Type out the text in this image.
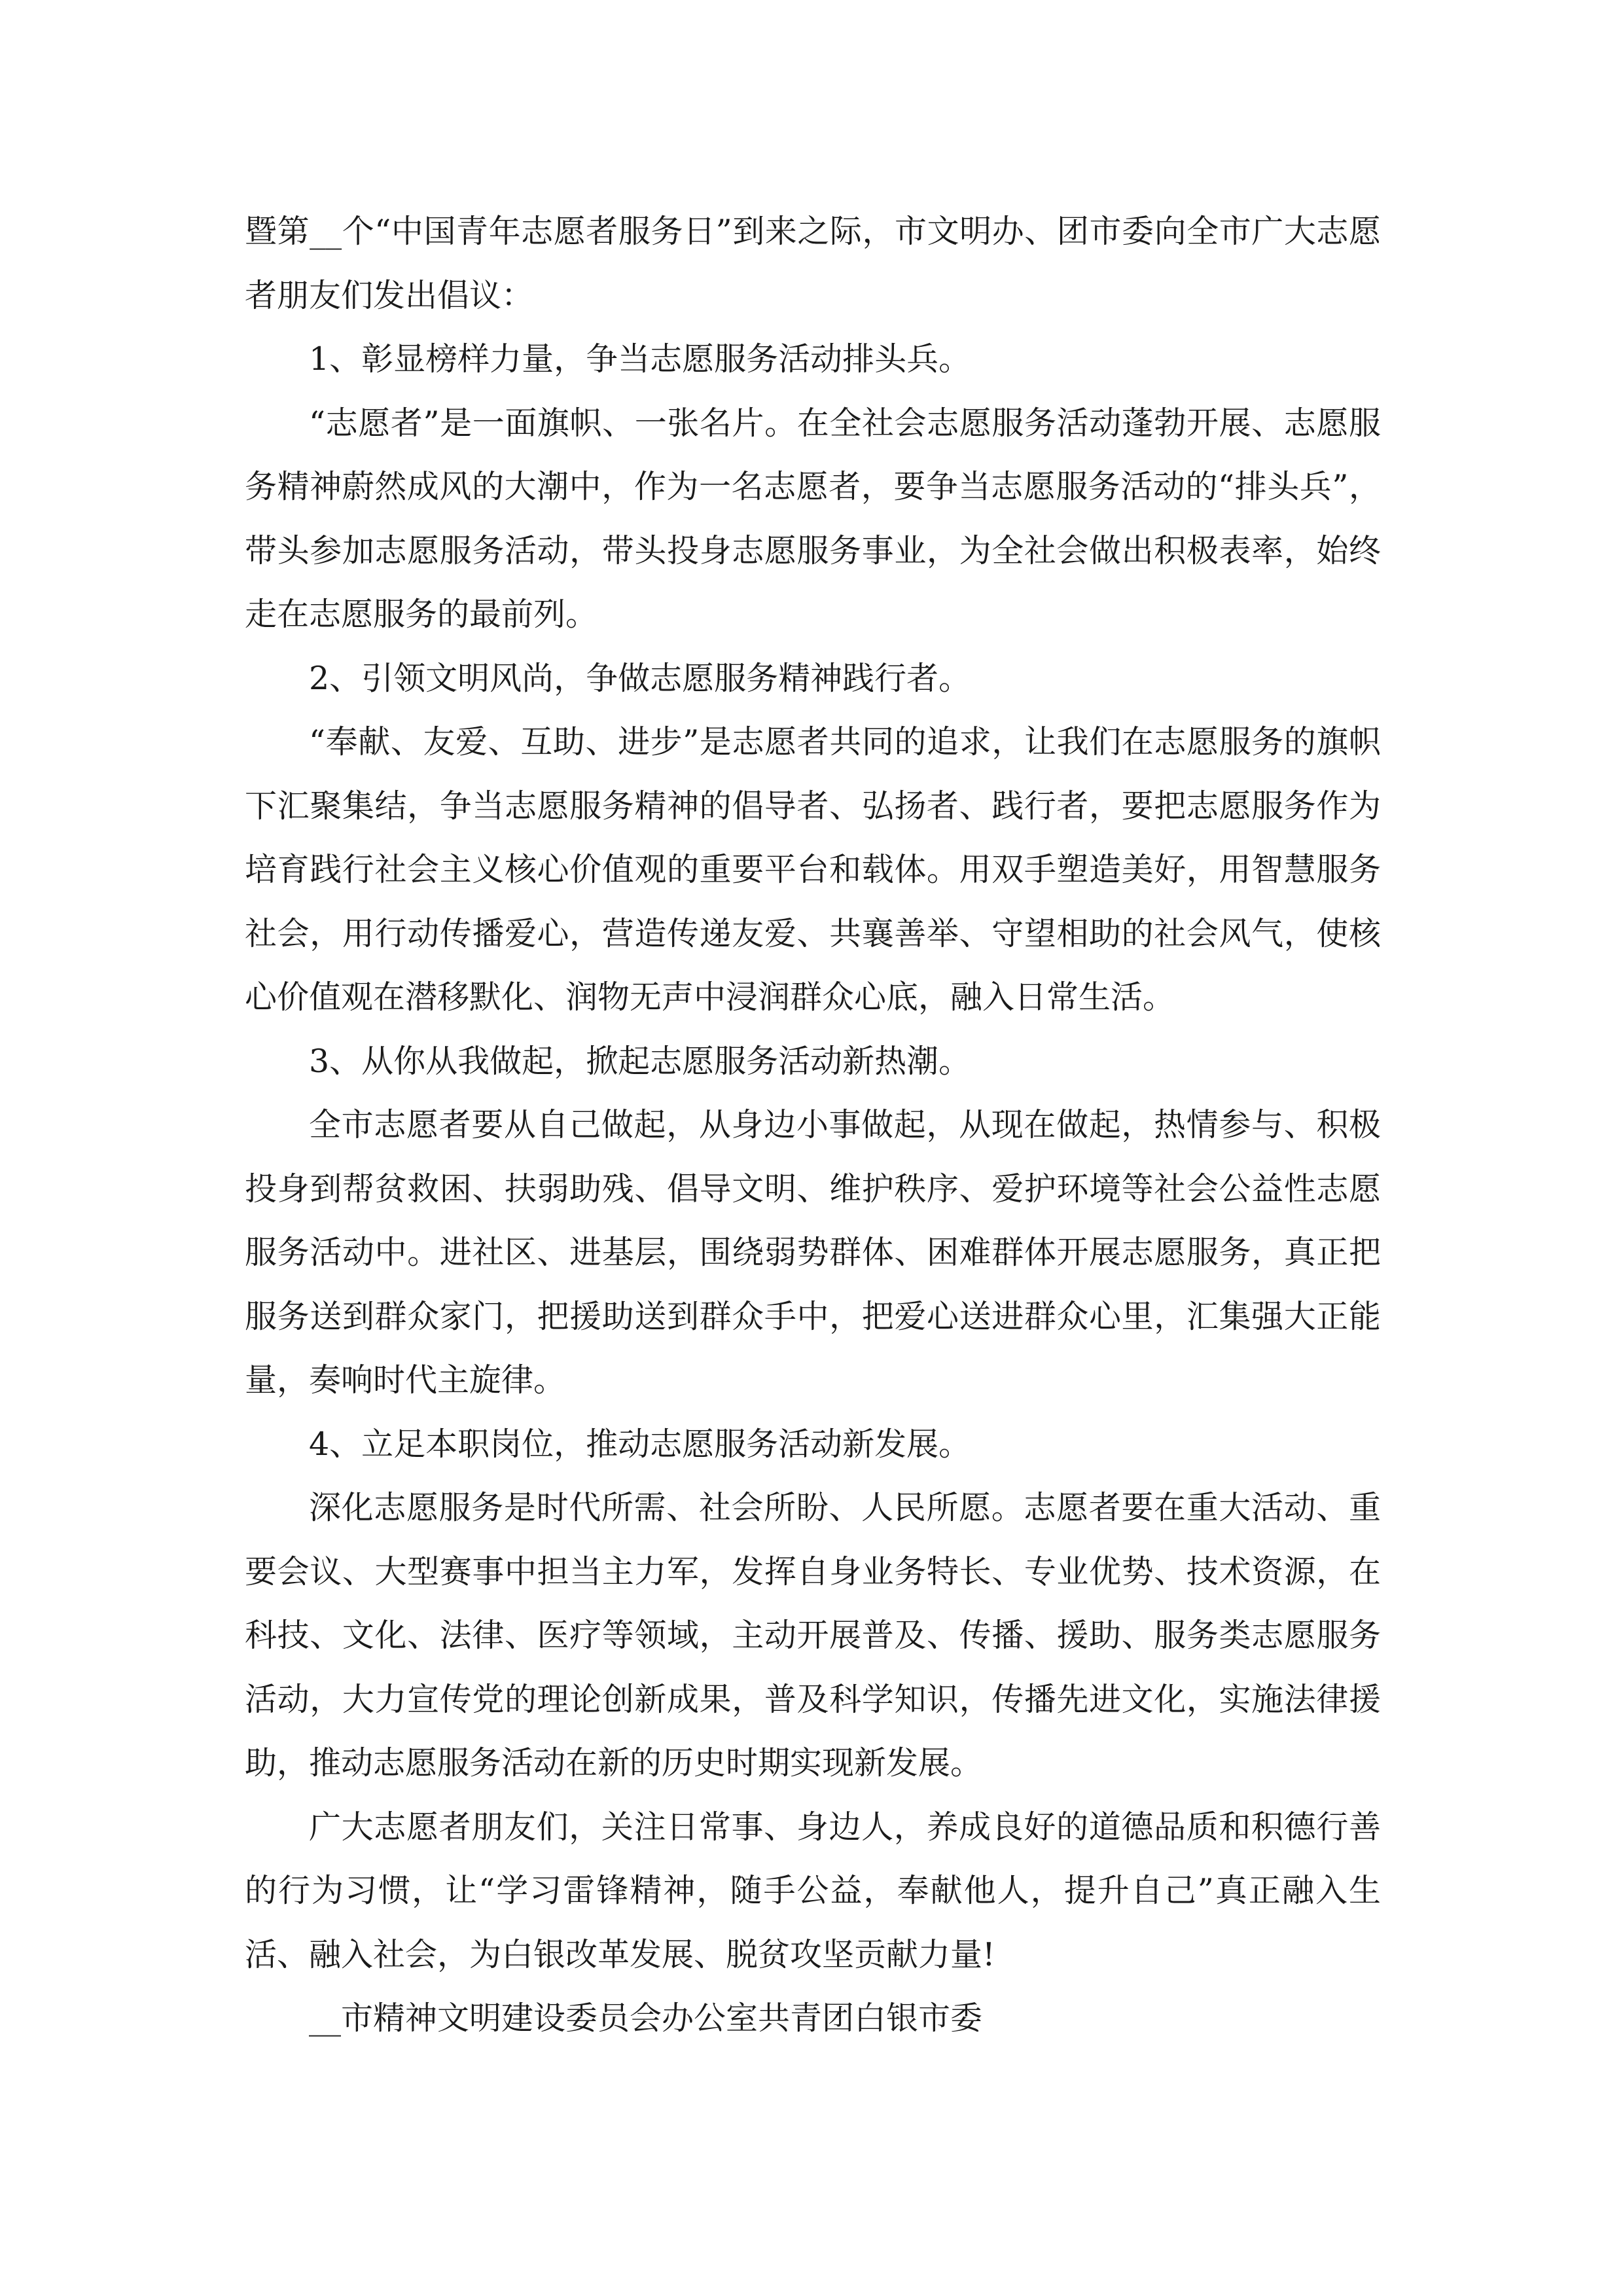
暨第__个“中国青年志愿者服务日”到来之际，市文明办、团市委向全市广大志愿者朋友们发出倡议：

1、彰显榜样力量，争当志愿服务活动排头兵。

“志愿者”是一面旗帜、一张名片。在全社会志愿服务活动蓬勃开展、志愿服务精神蔚然成风的大潮中，作为一名志愿者，要争当志愿服务活动的“排头兵”，带头参加志愿服务活动，带头投身志愿服务事业，为全社会做出积极表率，始终走在志愿服务的最前列。

2、引领文明风尚，争做志愿服务精神践行者。

“奉献、友爱、互助、进步”是志愿者共同的追求，让我们在志愿服务的旗帜下汇聚集结，争当志愿服务精神的倡导者、弘扬者、践行者，要把志愿服务作为培育践行社会主义核心价值观的重要平台和载体。用双手塑造美好，用智慧服务社会，用行动传播爱心，营造传递友爱、共襄善举、守望相助的社会风气，使核心价值观在潜移默化、润物无声中浸润群众心底，融入日常生活。

3、从你从我做起，掀起志愿服务活动新热潮。

全市志愿者要从自己做起，从身边小事做起，从现在做起，热情参与、积极投身到帮贫救困、扶弱助残、倡导文明、维护秩序、爱护环境等社会公益性志愿服务活动中。进社区、进基层，围绕弱势群体、困难群体开展志愿服务，真正把服务送到群众家门，把援助送到群众手中，把爱心送进群众心里，汇集强大正能量，奏响时代主旋律。

4、立足本职岗位，推动志愿服务活动新发展。

深化志愿服务是时代所需、社会所盼、人民所愿。志愿者要在重大活动、重要会议、大型赛事中担当主力军，发挥自身业务特长、专业优势、技术资源，在科技、文化、法律、医疗等领域，主动开展普及、传播、援助、服务类志愿服务活动，大力宣传党的理论创新成果，普及科学知识，传播先进文化，实施法律援助，推动志愿服务活动在新的历史时期实现新发展。

广大志愿者朋友们，关注日常事、身边人，养成良好的道德品质和积德行善的行为习惯，让“学习雷锋精神，随手公益，奉献他人，提升自己”真正融入生活、融入社会，为白银改革发展、脱贫攻坚贡献力量!

__市精神文明建设委员会办公室共青团白银市委
